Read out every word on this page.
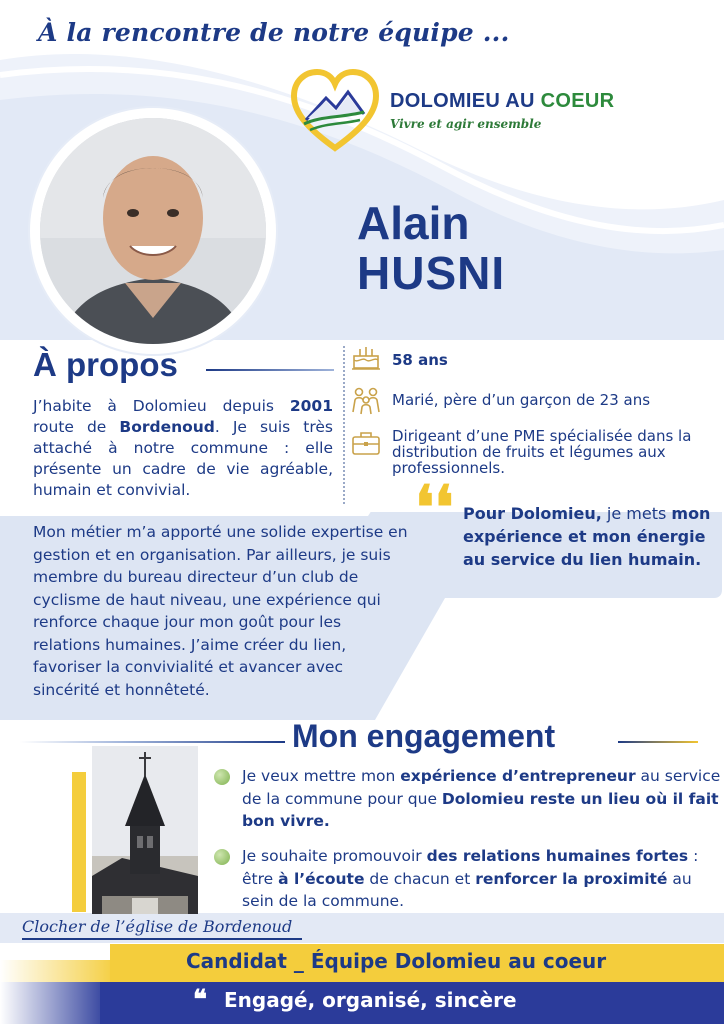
À la rencontre de notre équipe ...
DOLOMIEU AU COEUR
Vivre et agir ensemble
Alain
HUSNI
À propos
J’habite à Dolomieu depuis 2001 route de Bordenoud. Je suis très attaché à notre commune : elle présente un cadre de vie agréable, humain et convivial.
58 ans
Marié, père d’un garçon de 23 ans
Dirigeant d’une PME spécialisée dans la distribution de fruits et légumes aux professionnels.
Mon métier m’a apporté une solide expertise en gestion et en organisation. Par ailleurs, je suis membre du bureau directeur d’un club de cyclisme de haut niveau, une expérience qui renforce chaque jour mon goût pour les relations humaines. J’aime créer du lien, favoriser la convivialité et avancer avec sincérité et honnêteté.
❛❛ Pour Dolomieu, je mets mon expérience et mon énergie au service du lien humain.
Mon engagement
Je veux mettre mon expérience d’entrepreneur au service de la commune pour que Dolomieu reste un lieu où il fait bon vivre.
Je souhaite promouvoir des relations humaines fortes : être à l’écoute de chacun et renforcer la proximité au sein de la commune.
Clocher de l’église de Bordenoud
Candidat _ Équipe Dolomieu au coeur
❝ Engagé, organisé, sincère
